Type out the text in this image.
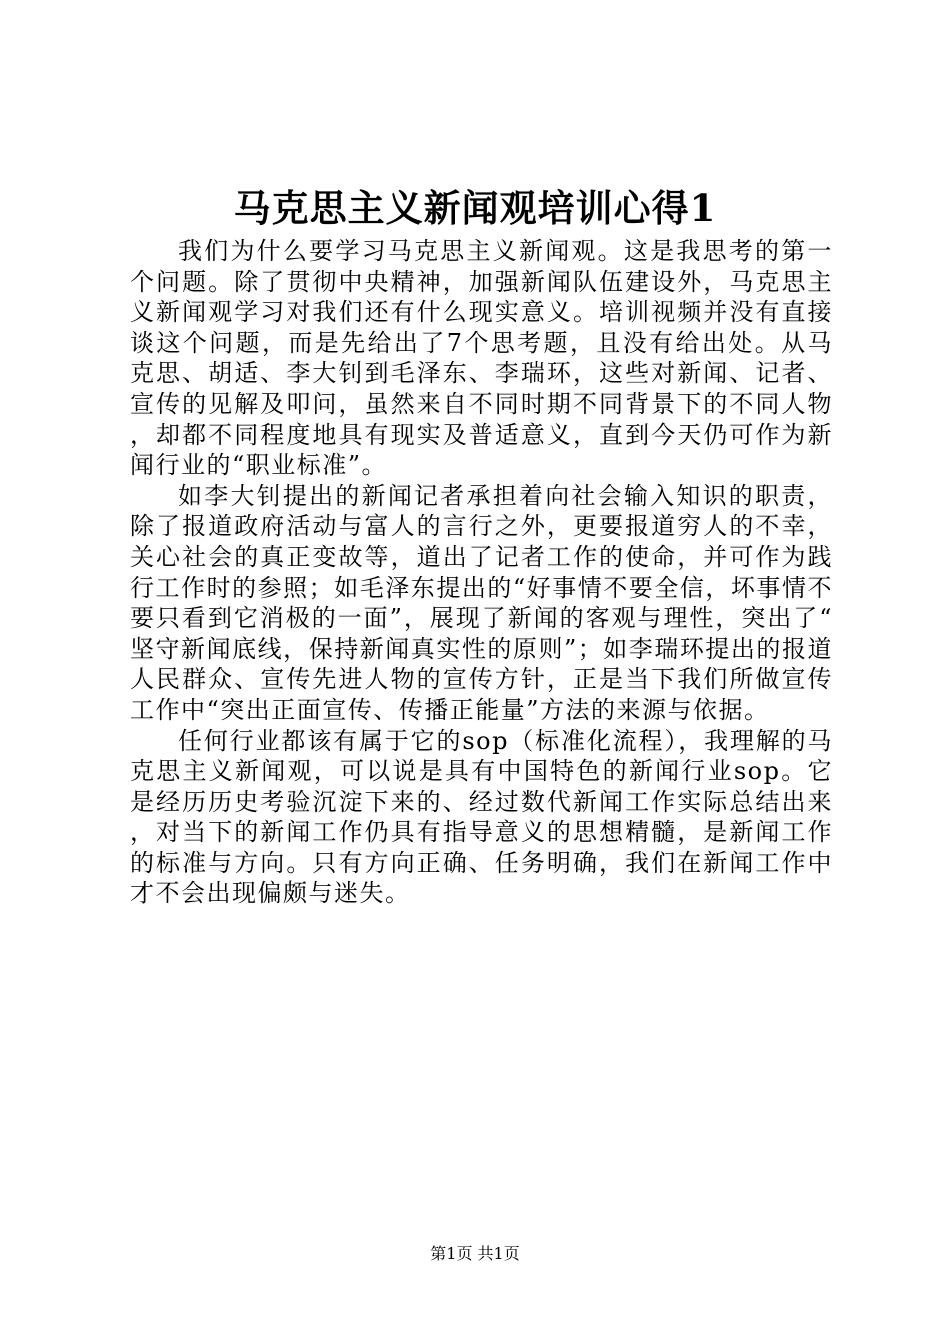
马克思主义新闻观培训心得1

我们为什么要学习马克思主义新闻观。这是我思考的第一个问题。除了贯彻中央精神，加强新闻队伍建设外，马克思主义新闻观学习对我们还有什么现实意义。培训视频并没有直接谈这个问题，而是先给出了7个思考题，且没有给出处。从马克思、胡适、李大钊到毛泽东、李瑞环，这些对新闻、记者、宣传的见解及叩问，虽然来自不同时期不同背景下的不同人物，却都不同程度地具有现实及普适意义，直到今天仍可作为新闻行业的“职业标准”。

如李大钊提出的新闻记者承担着向社会输入知识的职责，除了报道政府活动与富人的言行之外，更要报道穷人的不幸，关心社会的真正变故等，道出了记者工作的使命，并可作为践行工作时的参照；如毛泽东提出的“好事情不要全信，坏事情不要只看到它消极的一面”，展现了新闻的客观与理性，突出了“坚守新闻底线，保持新闻真实性的原则”；如李瑞环提出的报道人民群众、宣传先进人物的宣传方针，正是当下我们所做宣传工作中“突出正面宣传、传播正能量”方法的来源与依据。

任何行业都该有属于它的sop（标准化流程），我理解的马克思主义新闻观，可以说是具有中国特色的新闻行业sop。它是经历历史考验沉淀下来的、经过数代新闻工作实际总结出来，对当下的新闻工作仍具有指导意义的思想精髓，是新闻工作的标准与方向。只有方向正确、任务明确，我们在新闻工作中才不会出现偏颇与迷失。

第1页 共1页
